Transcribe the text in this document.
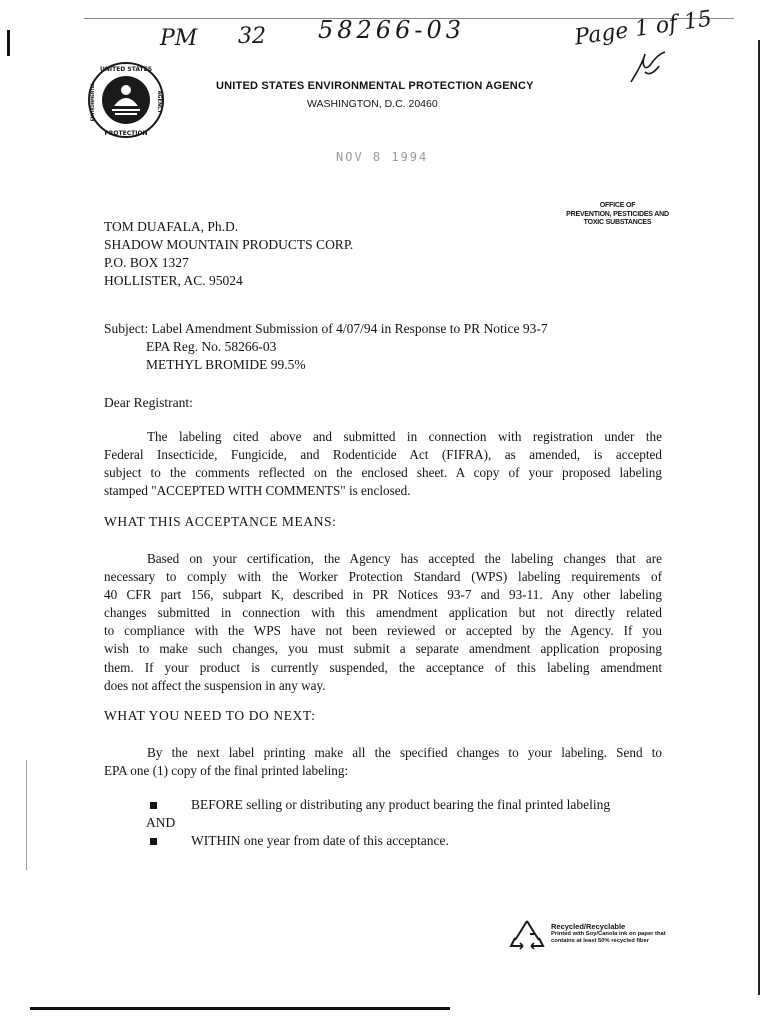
PM 32 58266-03	Page 1 of 15
UNITED STATES
PROTECTION
ENVIRONMENTAL	AGENCY
UNITED STATES ENVIRONMENTAL PROTECTION AGENCY
WASHINGTON, D.C. 20460
NOV 8 1994
OFFICE OF
PREVENTION, PESTICIDES AND
TOXIC SUBSTANCES
TOM DUAFALA, Ph.D.
SHADOW MOUNTAIN PRODUCTS CORP.
P.O. BOX 1327
HOLLISTER, AC. 95024
Subject: Label Amendment Submission of 4/07/94 in Response to PR Notice 93-7
EPA Reg. No. 58266-03
METHYL BROMIDE 99.5%
Dear Registrant:
The labeling cited above and submitted in connection with registration under the
Federal Insecticide, Fungicide, and Rodenticide Act (FIFRA), as amended, is accepted
subject to the comments reflected on the enclosed sheet. A copy of your proposed labeling
stamped "ACCEPTED WITH COMMENTS" is enclosed.
WHAT THIS ACCEPTANCE MEANS:
Based on your certification, the Agency has accepted the labeling changes that are
necessary to comply with the Worker Protection Standard (WPS) labeling requirements of
40 CFR part 156, subpart K, described in PR Notices 93-7 and 93-11. Any other labeling
changes submitted in connection with this amendment application but not directly related
to compliance with the WPS have not been reviewed or accepted by the Agency. If you
wish to make such changes, you must submit a separate amendment application proposing
them. If your product is currently suspended, the acceptance of this labeling amendment
does not affect the suspension in any way.
WHAT YOU NEED TO DO NEXT:
By the next label printing make all the specified changes to your labeling. Send to
EPA one (1) copy of the final printed labeling:
BEFORE selling or distributing any product bearing the final printed labeling
AND
WITHIN one year from date of this acceptance.
Recycled/Recyclable
Printed with Soy/Canola ink on paper that
contains at least 50% recycled fiber
